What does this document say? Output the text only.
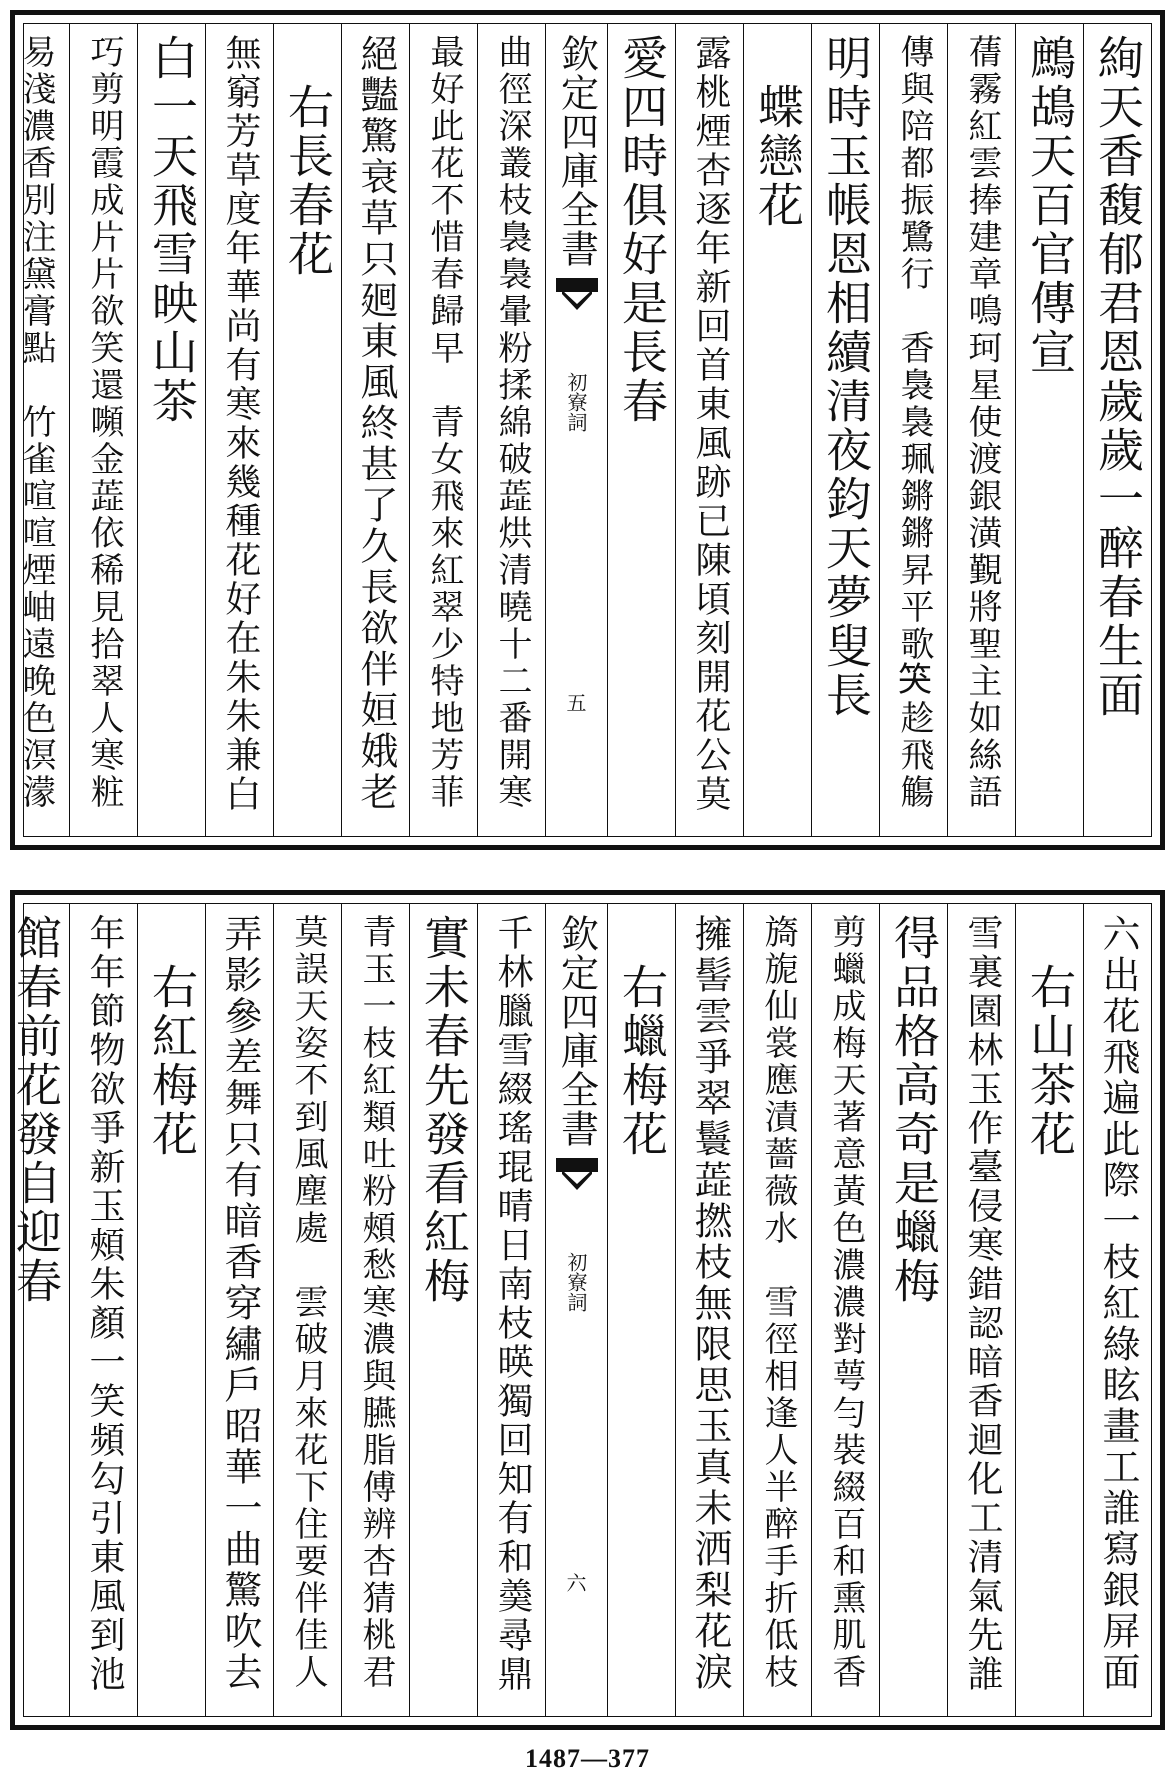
絢天香馥郁君恩歲歲一醉春生面
鷓鴣天百官傳宣
蒨霧紅雲捧建章鳴珂星使渡銀潢覲將聖主如絲語
傳與陪都振鷺行　香裊裊珮鏘鏘昇平歌𥬇趁飛觴
明時玉帳恩相續清夜鈞天夢叟長
　蝶戀花
露桃煙杏逐年新回首東風跡已陳頃刻開花公莫
愛四時俱好是長春
欽定四庫全書
初寮詞
五
曲徑深叢枝裊裊暈粉揉綿破蕋烘清曉十二番開寒
最好此花不惜春歸早　青女飛來紅翠少特地芳菲
絕豔驚衰草只𢌞東風終甚了久長欲伴姮娥老
　右長春花
無窮芳草度年華尚有寒來幾種花好在朱朱兼白
白一天飛雪映山茶
巧剪明霞成片片欲笑還嚬金蕋依稀見拾翠人寒粧
易淺濃香別注黛膏點　竹雀喧喧煙岫遠晚色溟濛
六出花飛遍此際一枝紅綠眩畫工誰寫銀屏面
　右山茶花
雪裏園林玉作臺侵寒錯認暗香迴化工清氣先誰
得品格高奇是蠟梅
剪蠟成梅天著意黃色濃濃對萼勻裝綴百和熏肌香
旖旎仙裳應漬薔薇水　雪徑相逢人半醉手折低枝
擁髻雲爭翠鬟蕋撚枝無限思玉真未洒梨花淚
　右蠟梅花
欽定四庫全書
初寮詞
六
千林臘雪綴瑤琨晴日南枝暎獨回知有和羮尋鼎
實未春先發看紅梅
青玉一枝紅類吐粉頰愁寒濃與臙脂傅辨杏猜桃君
莫誤天姿不到風塵處　雲破月來花下住要伴佳人
弄影參差舞只有暗香穿繡戶昭華一曲驚吹去
　右紅梅花
年年節物欲爭新玉頰朱顏一笑頻勾引東風到池
館春前花發自迎春
1487—377
